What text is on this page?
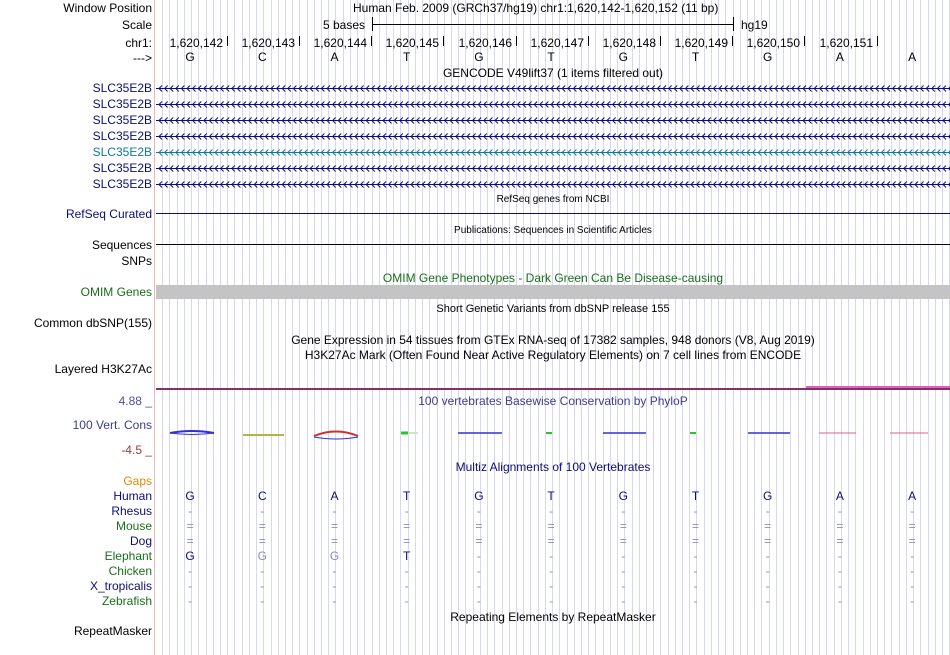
Window Position	Human Feb. 2009 (GRCh37/hg19) chr1:1,620,142-1,620,152 (11 bp)
Scale	5 bases	hg19
chr1: 1,620,142 1,620,143 1,620,144 1,620,145 1,620,146 1,620,147 1,620,148 1,620,149 1,620,150 1,620,151
--->	G	C	A	T	G	T	G	T	G	A	A
GENCODE V49lift37 (1 items filtered out)
SLC35E2B
SLC35E2B
SLC35E2B
SLC35E2B
SLC35E2B
SLC35E2B
SLC35E2B
RefSeq genes from NCBI
RefSeq Curated
Publications: Sequences in Scientific Articles
Sequences
SNPs
OMIM Gene Phenotypes - Dark Green Can Be Disease-causing
OMIM Genes
Short Genetic Variants from dbSNP release 155
Common dbSNP(155)
Gene Expression in 54 tissues from GTEx RNA-seq of 17382 samples, 948 donors (V8, Aug 2019)
H3K27Ac Mark (Often Found Near Active Regulatory Elements) on 7 cell lines from ENCODE
Layered H3K27Ac
100 vertebrates Basewise Conservation by PhyloP
4.88 _
100 Vert. Cons
-4.5 _
Multiz Alignments of 100 Vertebrates
Gaps
Human	G	C	A	T	G	T	G	T	G	A	A
Rhesus	-	-	-	-	-	-	-	-	-	-	-
Mouse	=	=	=	=	=	=	=	=	=	=	=
Dog	=	=	=	=	=	=	=	=	=	=	=
Elephant	G	G	G	T	-	-	-	-	-	-	-
Chicken	-	-	-	-	-	-	-	-	-	-	-
X_tropicalis	-	-	-	-	-	-	-	-	-	-	-
Zebrafish	-	-	-	-	-	-	-	-	-	-	-
Repeating Elements by RepeatMasker
RepeatMasker
